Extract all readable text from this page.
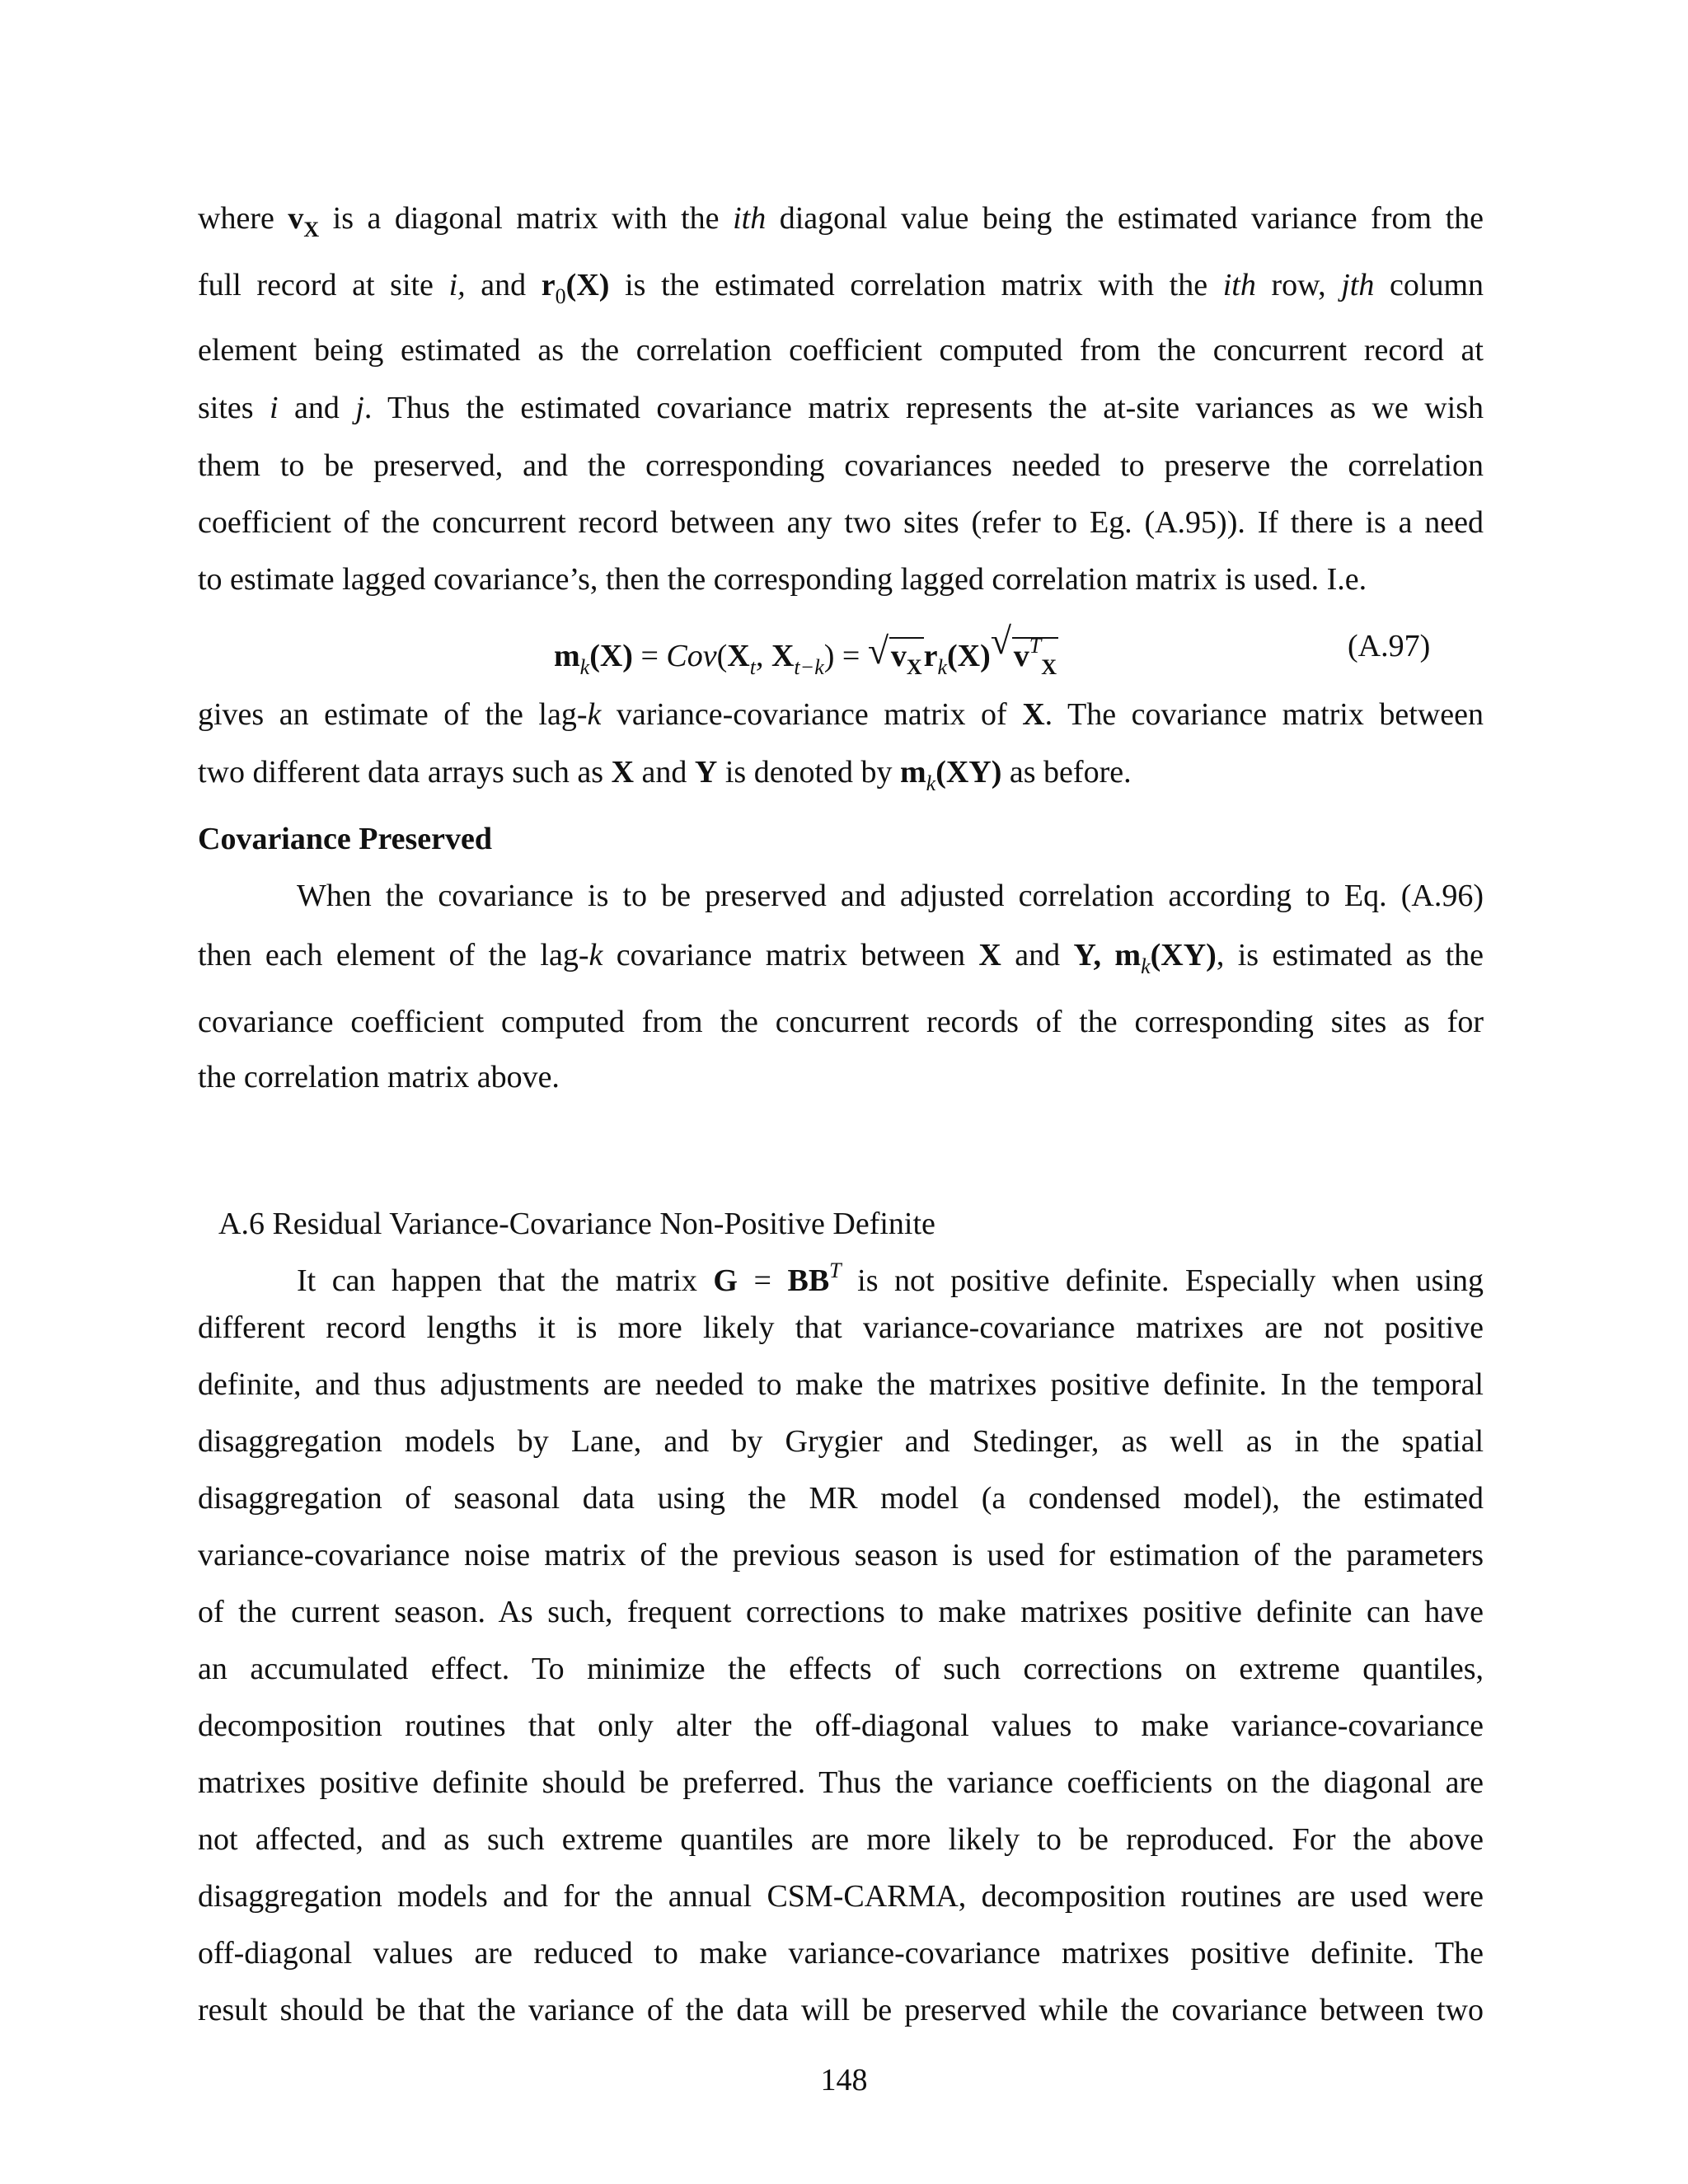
where $v_X$ is a diagonal matrix with the ith diagonal value being the estimated variance from the
full record at site i, and $r_0(X)$ is the estimated correlation matrix with the ith row, jth column
element being estimated as the correlation coefficient computed from the concurrent record at
sites i and j. Thus the estimated covariance matrix represents the at-site variances as we wish
them to be preserved, and the corresponding covariances needed to preserve the correlation
coefficient of the concurrent record between any two sites (refer to Eg. (A.95)). If there is a need
to estimate lagged covariance’s, then the corresponding lagged correlation matrix is used. I.e.
$m_k(X) = Cov(X_t$, $X_{t-k}$) = √ $v_Xr_k(X)$ √ $v^T_X$
(A.97)
gives an estimate of the lag-k variance-covariance matrix of X. The covariance matrix between
two different data arrays such as X and Y is denoted by $m_k(XY)$ as before.
Covariance Preserved
When the covariance is to be preserved and adjusted correlation according to Eq. (A.96)
then each element of the lag-k covariance matrix between X and Y, $m_k(XY)$, is estimated as the
covariance coefficient computed from the concurrent records of the corresponding sites as for
the correlation matrix above.
A.6 Residual Variance-Covariance Non-Positive Definite
It can happen that the matrix $G = BB^T$ is not positive definite. Especially when using
different record lengths it is more likely that variance-covariance matrixes are not positive
definite, and thus adjustments are needed to make the matrixes positive definite. In the temporal
disaggregation models by Lane, and by Grygier and Stedinger, as well as in the spatial
disaggregation of seasonal data using the MR model (a condensed model), the estimated
variance-covariance noise matrix of the previous season is used for estimation of the parameters
of the current season. As such, frequent corrections to make matrixes positive definite can have
an accumulated effect. To minimize the effects of such corrections on extreme quantiles,
decomposition routines that only alter the off-diagonal values to make variance-covariance
matrixes positive definite should be preferred. Thus the variance coefficients on the diagonal are
not affected, and as such extreme quantiles are more likely to be reproduced. For the above
disaggregation models and for the annual CSM-CARMA, decomposition routines are used were
off-diagonal values are reduced to make variance-covariance matrixes positive definite. The
result should be that the variance of the data will be preserved while the covariance between two
148
